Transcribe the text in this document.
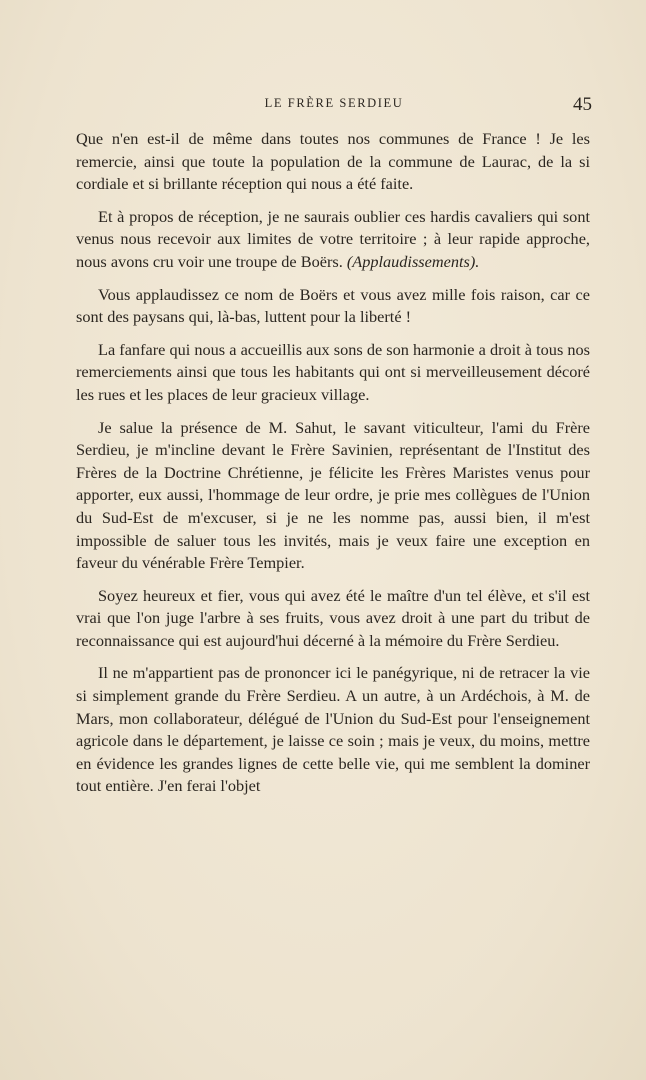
LE FRÈRE SERDIEU	45

Que n'en est-il de même dans toutes nos communes de France ! Je les remercie, ainsi que toute la population de la commune de Laurac, de la si cordiale et si brillante réception qui nous a été faite.

Et à propos de réception, je ne saurais oublier ces hardis cavaliers qui sont venus nous recevoir aux limites de votre territoire ; à leur rapide approche, nous avons cru voir une troupe de Boërs. (Applaudissements).

Vous applaudissez ce nom de Boërs et vous avez mille fois raison, car ce sont des paysans qui, là-bas, luttent pour la liberté !

La fanfare qui nous a accueillis aux sons de son harmonie a droit à tous nos remerciements ainsi que tous les habitants qui ont si merveilleusement décoré les rues et les places de leur gracieux village.

Je salue la présence de M. Sahut, le savant viticulteur, l'ami du Frère Serdieu, je m'incline devant le Frère Savinien, représentant de l'Institut des Frères de la Doctrine Chrétienne, je félicite les Frères Maristes venus pour apporter, eux aussi, l'hommage de leur ordre, je prie mes collègues de l'Union du Sud-Est de m'excuser, si je ne les nomme pas, aussi bien, il m'est impossible de saluer tous les invités, mais je veux faire une exception en faveur du vénérable Frère Tempier.

Soyez heureux et fier, vous qui avez été le maître d'un tel élève, et s'il est vrai que l'on juge l'arbre à ses fruits, vous avez droit à une part du tribut de reconnaissance qui est aujourd'hui décerné à la mémoire du Frère Serdieu.

Il ne m'appartient pas de prononcer ici le panégyrique, ni de retracer la vie si simplement grande du Frère Serdieu. A un autre, à un Ardéchois, à M. de Mars, mon collaborateur, délégué de l'Union du Sud-Est pour l'enseignement agricole dans le département, je laisse ce soin ; mais je veux, du moins, mettre en évidence les grandes lignes de cette belle vie, qui me semblent la dominer tout entière. J'en ferai l'objet
